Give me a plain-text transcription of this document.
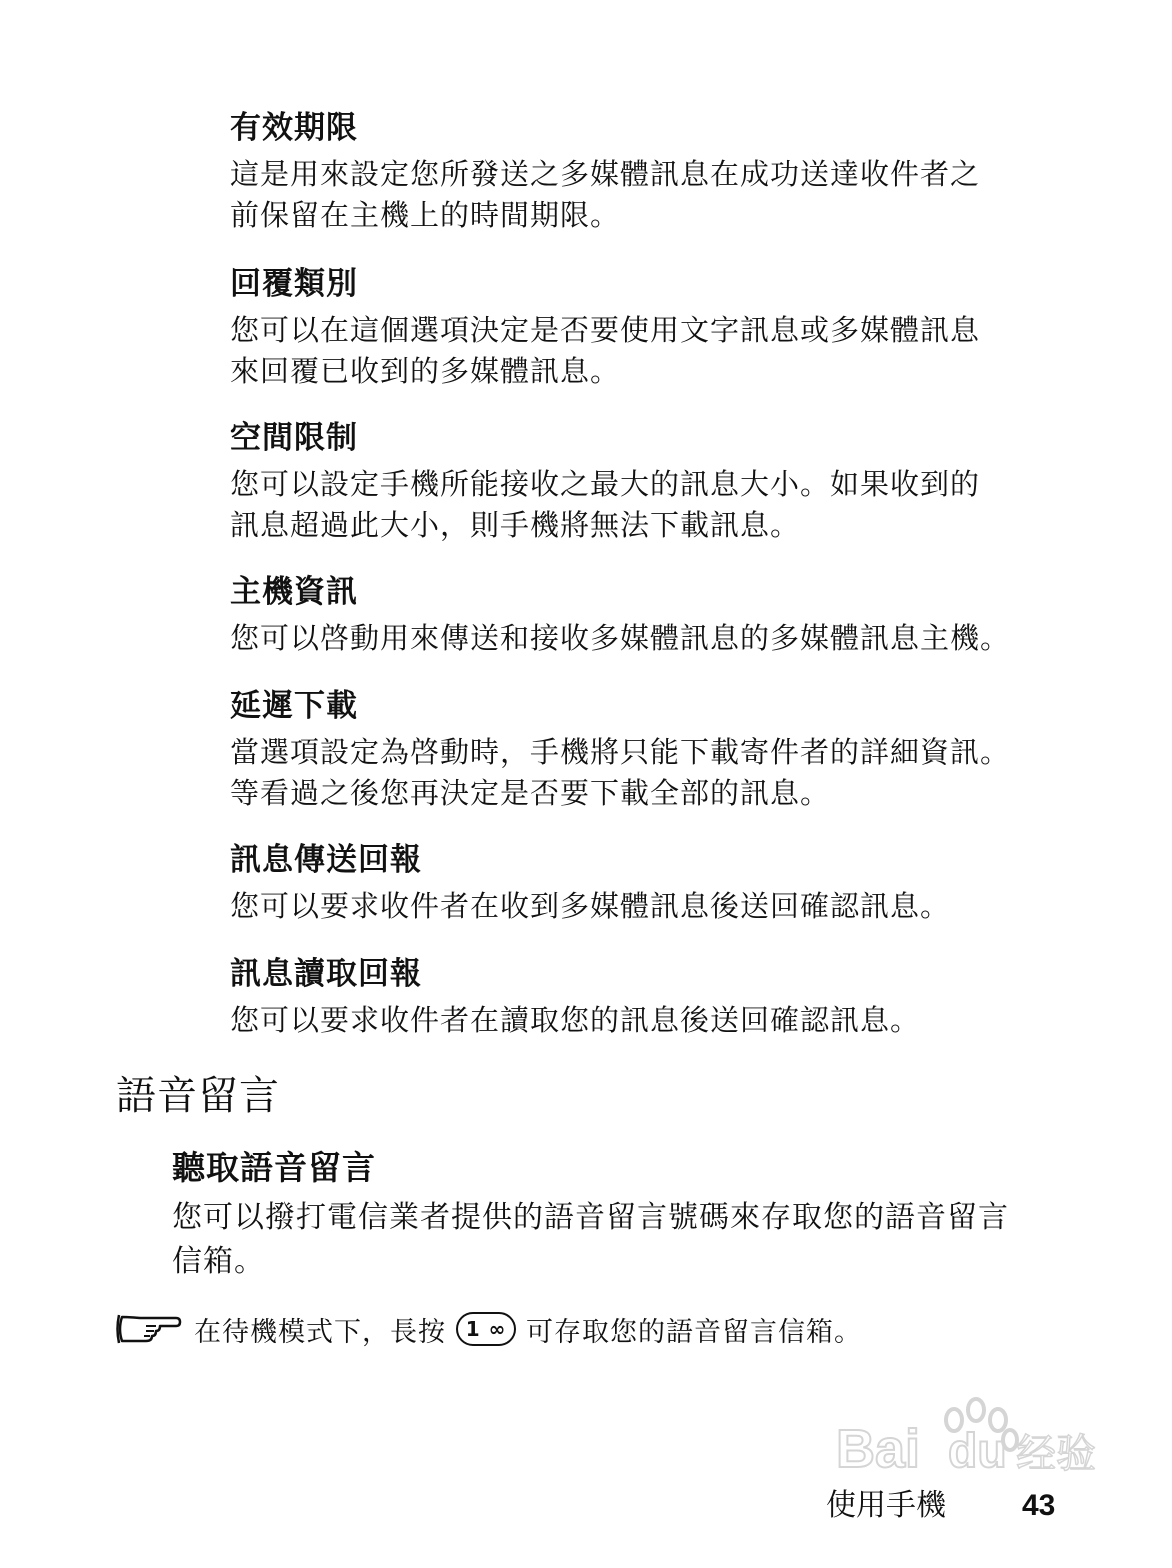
有效期限

這是用來設定您所發送之多媒體訊息在成功送達收件者之
前保留在主機上的時間期限。

回覆類別

您可以在這個選項決定是否要使用文字訊息或多媒體訊息
來回覆已收到的多媒體訊息。

空間限制

您可以設定手機所能接收之最大的訊息大小。如果收到的
訊息超過此大小，則手機將無法下載訊息。

主機資訊

您可以啓動用來傳送和接收多媒體訊息的多媒體訊息主機。

延遲下載

當選項設定為啓動時，手機將只能下載寄件者的詳細資訊。
等看過之後您再決定是否要下載全部的訊息。

訊息傳送回報

您可以要求收件者在收到多媒體訊息後送回確認訊息。

訊息讀取回報

您可以要求收件者在讀取您的訊息後送回確認訊息。

語音留言

聽取語音留言

您可以撥打電信業者提供的語音留言號碼來存取您的語音留言
信箱。

在待機模式下，長按 1 ∞ 可存取您的語音留言信箱。
Bai du 经验
使用手機	43
